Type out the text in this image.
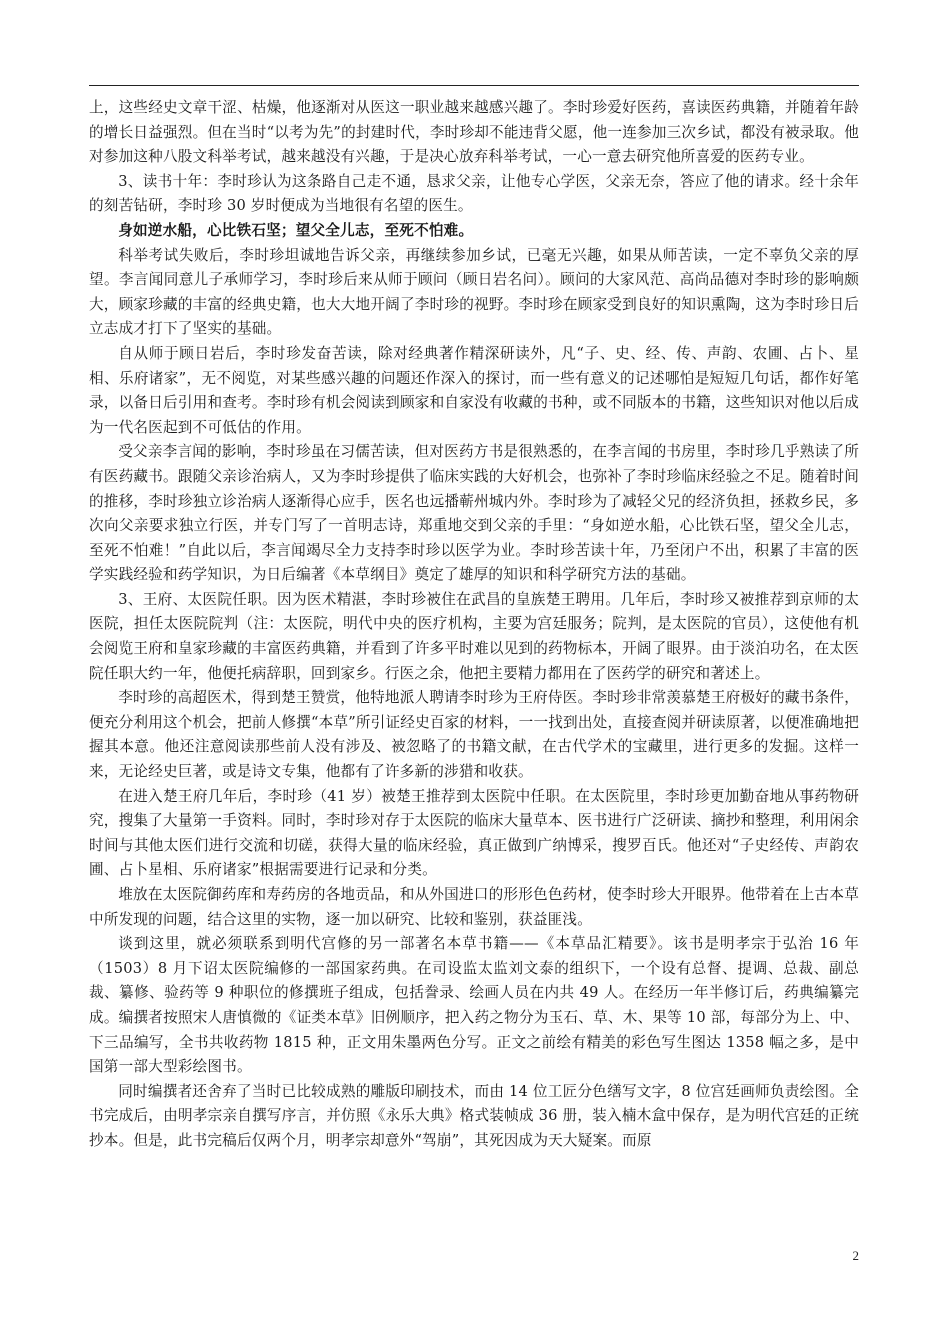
上，这些经史文章干涩、枯燥，他逐渐对从医这一职业越来越感兴趣了。李时珍爱好医药，喜读医药典籍，并随着年龄的增长日益强烈。但在当时“以考为先”的封建时代，李时珍却不能违背父愿，他一连参加三次乡试，都没有被录取。他对参加这种八股文科举考试，越来越没有兴趣，于是决心放弃科举考试，一心一意去研究他所喜爱的医药专业。

3、读书十年：李时珍认为这条路自己走不通，恳求父亲，让他专心学医，父亲无奈，答应了他的请求。经十余年的刻苦钻研，李时珍 30 岁时便成为当地很有名望的医生。

身如逆水船，心比铁石坚；望父全儿志，至死不怕难。

科举考试失败后，李时珍坦诚地告诉父亲，再继续参加乡试，已毫无兴趣，如果从师苦读，一定不辜负父亲的厚望。李言闻同意儿子承师学习，李时珍后来从师于顾问（顾日岩名问）。顾问的大家风范、高尚品德对李时珍的影响颇大，顾家珍藏的丰富的经典史籍，也大大地开阔了李时珍的视野。李时珍在顾家受到良好的知识熏陶，这为李时珍日后立志成才打下了坚实的基础。

自从师于顾日岩后，李时珍发奋苦读，除对经典著作精深研读外，凡“子、史、经、传、声韵、农圃、占卜、星相、乐府诸家”，无不阅览，对某些感兴趣的问题还作深入的探讨，而一些有意义的记述哪怕是短短几句话，都作好笔录，以备日后引用和查考。李时珍有机会阅读到顾家和自家没有收藏的书种，或不同版本的书籍，这些知识对他以后成为一代名医起到不可低估的作用。

受父亲李言闻的影响，李时珍虽在习儒苦读，但对医药方书是很熟悉的，在李言闻的书房里，李时珍几乎熟读了所有医药藏书。跟随父亲诊治病人，又为李时珍提供了临床实践的大好机会，也弥补了李时珍临床经验之不足。随着时间的推移，李时珍独立诊治病人逐渐得心应手，医名也远播蕲州城内外。李时珍为了减轻父兄的经济负担，拯救乡民，多次向父亲要求独立行医，并专门写了一首明志诗，郑重地交到父亲的手里：“身如逆水船，心比铁石坚，望父全儿志，至死不怕难！”自此以后，李言闻竭尽全力支持李时珍以医学为业。李时珍苦读十年，乃至闭户不出，积累了丰富的医学实践经验和药学知识，为日后编著《本草纲目》奠定了雄厚的知识和科学研究方法的基础。

3、王府、太医院任职。因为医术精湛，李时珍被住在武昌的皇族楚王聘用。几年后，李时珍又被推荐到京师的太医院，担任太医院院判（注：太医院，明代中央的医疗机构，主要为宫廷服务；院判，是太医院的官员），这使他有机会阅览王府和皇家珍藏的丰富医药典籍，并看到了许多平时难以见到的药物标本，开阔了眼界。由于淡泊功名，在太医院任职大约一年，他便托病辞职，回到家乡。行医之余，他把主要精力都用在了医药学的研究和著述上。

李时珍的高超医术，得到楚王赞赏，他特地派人聘请李时珍为王府侍医。李时珍非常羡慕楚王府极好的藏书条件，便充分利用这个机会，把前人修撰“本草”所引证经史百家的材料，一一找到出处，直接查阅并研读原著，以便准确地把握其本意。他还注意阅读那些前人没有涉及、被忽略了的书籍文献，在古代学术的宝藏里，进行更多的发掘。这样一来，无论经史巨著，或是诗文专集，他都有了许多新的涉猎和收获。

在进入楚王府几年后，李时珍（41 岁）被楚王推荐到太医院中任职。在太医院里，李时珍更加勤奋地从事药物研究，搜集了大量第一手资料。同时，李时珍对存于太医院的临床大量草本、医书进行广泛研读、摘抄和整理，利用闲余时间与其他太医们进行交流和切磋，获得大量的临床经验，真正做到广纳博采，搜罗百氏。他还对“子史经传、声韵农圃、占卜星相、乐府诸家”根据需要进行记录和分类。

堆放在太医院御药库和寿药房的各地贡品，和从外国进口的形形色色药材，使李时珍大开眼界。他带着在上古本草中所发现的问题，结合这里的实物，逐一加以研究、比较和鉴别，获益匪浅。

谈到这里，就必须联系到明代宫修的另一部著名本草书籍——《本草品汇精要》。该书是明孝宗于弘治 16 年（1503）8 月下诏太医院编修的一部国家药典。在司设监太监刘文泰的组织下，一个设有总督、提调、总裁、副总裁、纂修、验药等 9 种职位的修撰班子组成，包括誊录、绘画人员在内共 49 人。在经历一年半修订后，药典编纂完成。编撰者按照宋人唐慎微的《证类本草》旧例顺序，把入药之物分为玉石、草、木、果等 10 部，每部分为上、中、下三品编写，全书共收药物 1815 种，正文用朱墨两色分写。正文之前绘有精美的彩色写生图达 1358 幅之多，是中国第一部大型彩绘图书。

同时编撰者还舍弃了当时已比较成熟的雕版印刷技术，而由 14 位工匠分色缮写文字，8 位宫廷画师负责绘图。全书完成后，由明孝宗亲自撰写序言，并仿照《永乐大典》格式装帧成 36 册，装入楠木盒中保存，是为明代宫廷的正统抄本。但是，此书完稿后仅两个月，明孝宗却意外“驾崩”，其死因成为天大疑案。而原

2
